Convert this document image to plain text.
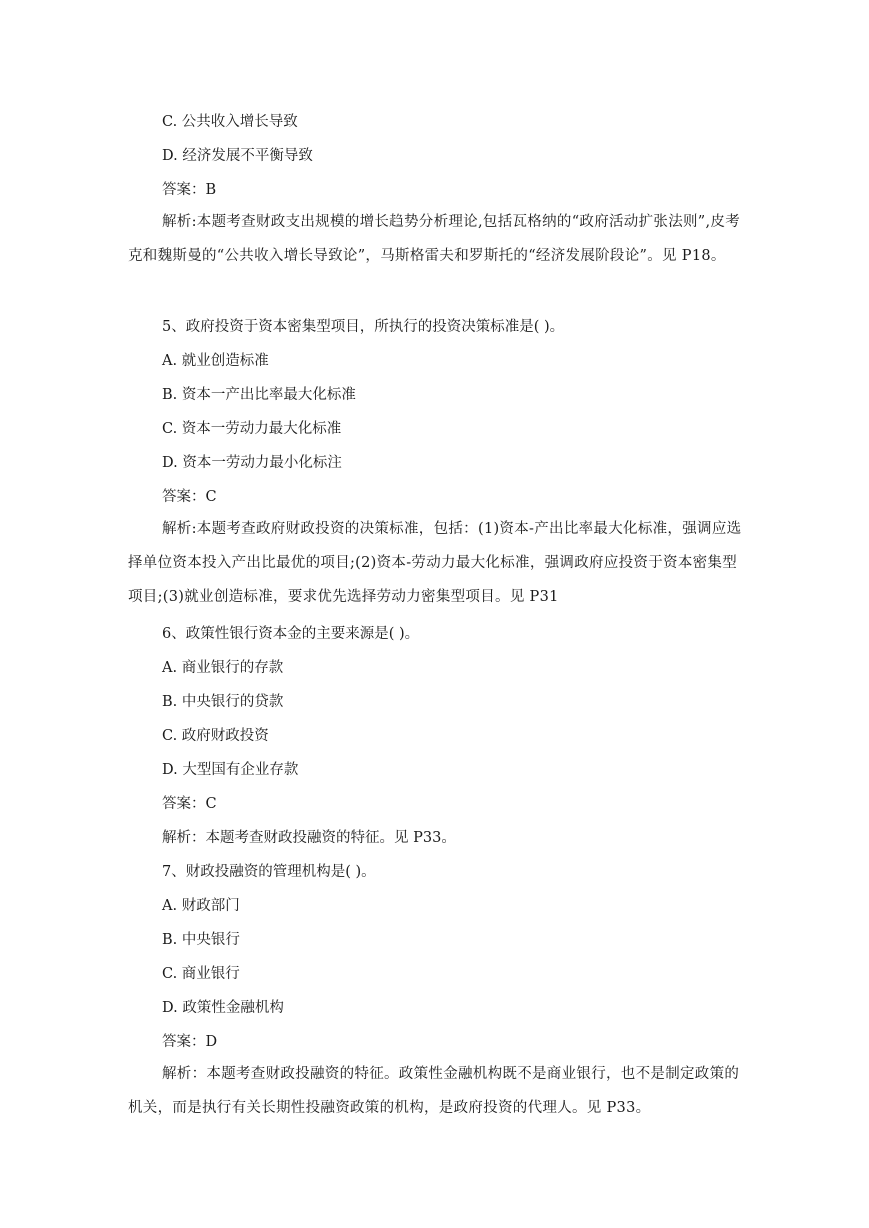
C. 公共收入增长导致
D. 经济发展不平衡导致
答案：B
解析:本题考查财政支出规模的增长趋势分析理论,包括瓦格纳的“政府活动扩张法则”,皮考克和魏斯曼的“公共收入增长导致论”，马斯格雷夫和罗斯托的“经济发展阶段论”。见 P18。
5、政府投资于资本密集型项目，所执行的投资决策标准是( )。
A. 就业创造标准
B. 资本一产出比率最大化标准
C. 资本一劳动力最大化标准
D. 资本一劳动力最小化标注
答案：C
解析:本题考查政府财政投资的决策标准，包括：(1)资本-产出比率最大化标准，强调应选择单位资本投入产出比最优的项目;(2)资本-劳动力最大化标准，强调政府应投资于资本密集型项目;(3)就业创造标准，要求优先选择劳动力密集型项目。见 P31
6、政策性银行资本金的主要来源是( )。
A. 商业银行的存款
B. 中央银行的贷款
C. 政府财政投资
D. 大型国有企业存款
答案：C
解析：本题考查财政投融资的特征。见 P33。
7、财政投融资的管理机构是( )。
A. 财政部门
B. 中央银行
C. 商业银行
D. 政策性金融机构
答案：D
解析：本题考查财政投融资的特征。政策性金融机构既不是商业银行，也不是制定政策的机关，而是执行有关长期性投融资政策的机构，是政府投资的代理人。见 P33。
